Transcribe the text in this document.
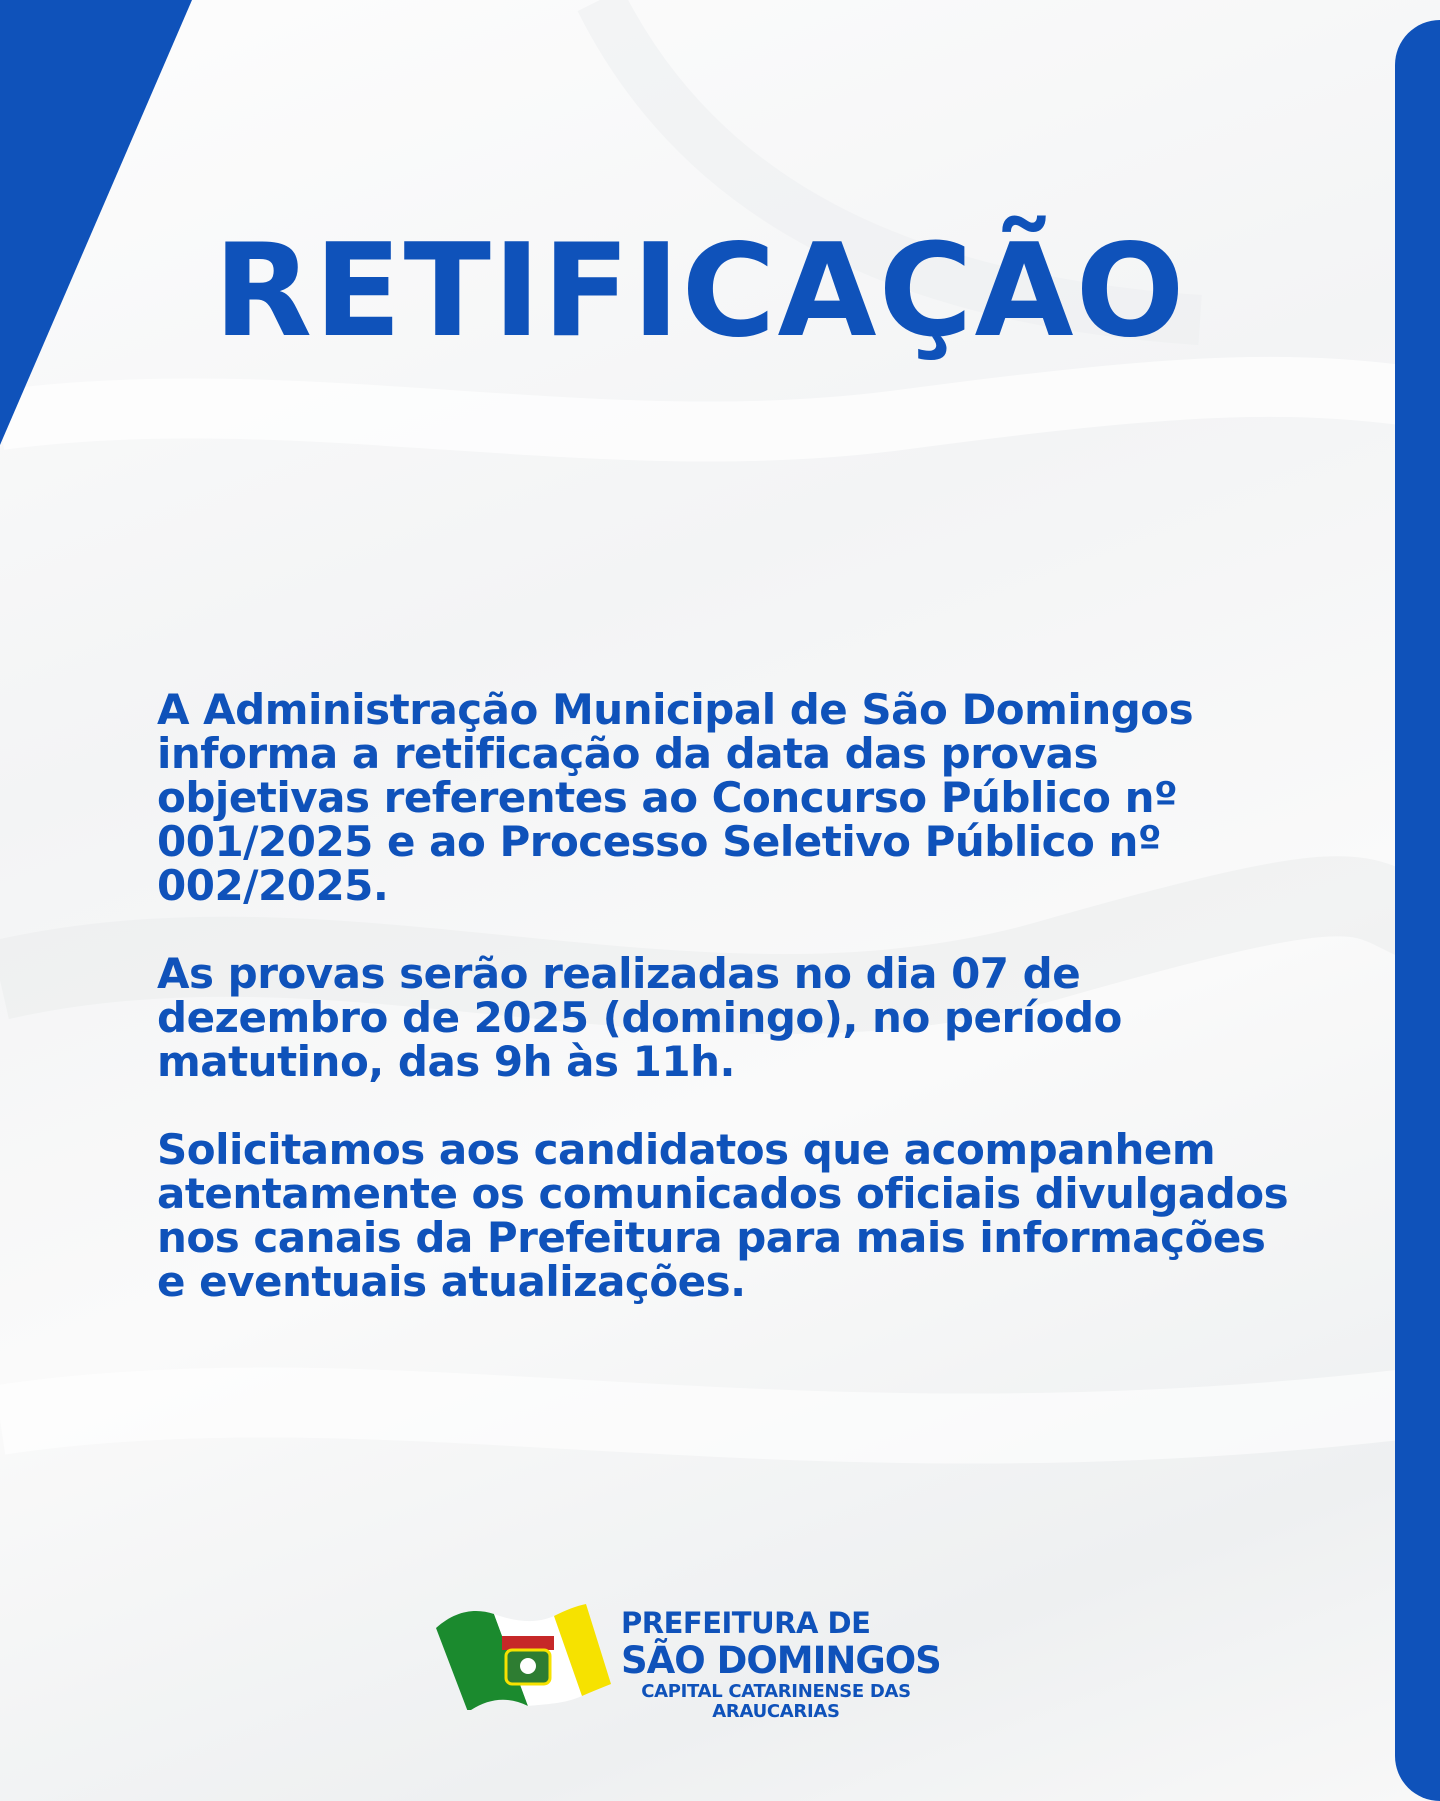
RETIFICAÇÃO

A Administração Municipal de São Domingos informa a retificação da data das provas objetivas referentes ao Concurso Público nº 001/2025 e ao Processo Seletivo Público nº 002/2025.

As provas serão realizadas no dia 07 de dezembro de 2025 (domingo), no período matutino, das 9h às 11h.

Solicitamos aos candidatos que acompanhem atentamente os comunicados oficiais divulgados nos canais da Prefeitura para mais informações e eventuais atualizações.

PREFEITURA DE
SÃO DOMINGOS
CAPITAL CATARINENSE DAS ARAUCARIAS
